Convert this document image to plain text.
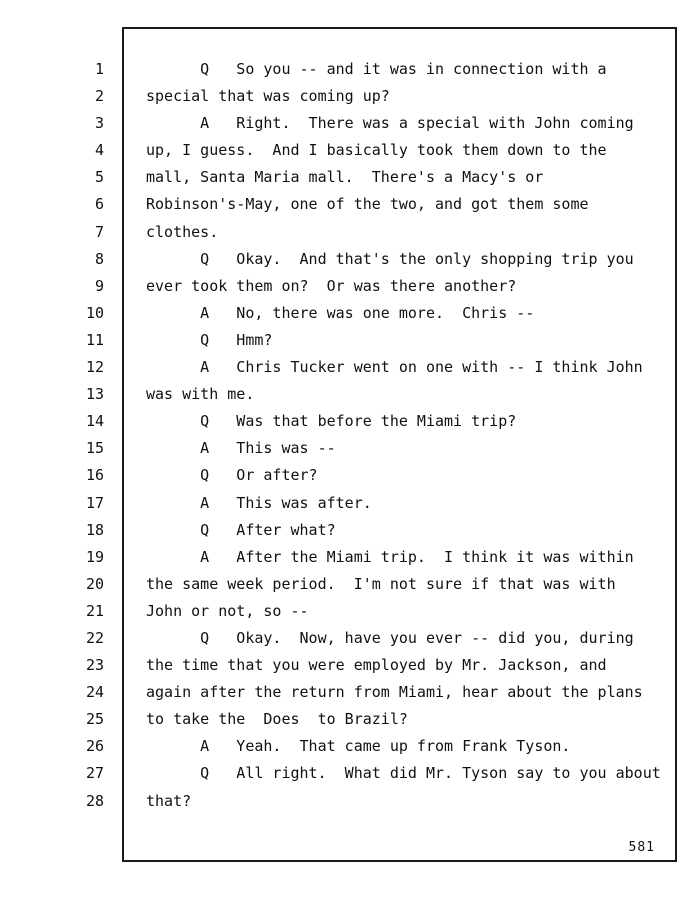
1
2
3
4
5
6
7
8
9
10
11
12
13
14
15
16
17
18
19
20
21
22
23
24
25
26
27
28
Q   So you -- and it was in connection with a
special that was coming up?
A   Right.  There was a special with John coming
up, I guess.  And I basically took them down to the
mall, Santa Maria mall.  There's a Macy's or
Robinson's-May, one of the two, and got them some
clothes.
Q   Okay.  And that's the only shopping trip you
ever took them on?  Or was there another?
A   No, there was one more.  Chris --
Q   Hmm?
A   Chris Tucker went on one with -- I think John
was with me.
Q   Was that before the Miami trip?
A   This was --
Q   Or after?
A   This was after.
Q   After what?
A   After the Miami trip.  I think it was within
the same week period.  I'm not sure if that was with
John or not, so --
Q   Okay.  Now, have you ever -- did you, during
the time that you were employed by Mr. Jackson, and
again after the return from Miami, hear about the plans
to take the  Does  to Brazil?
A   Yeah.  That came up from Frank Tyson.
Q   All right.  What did Mr. Tyson say to you about
that?
581
